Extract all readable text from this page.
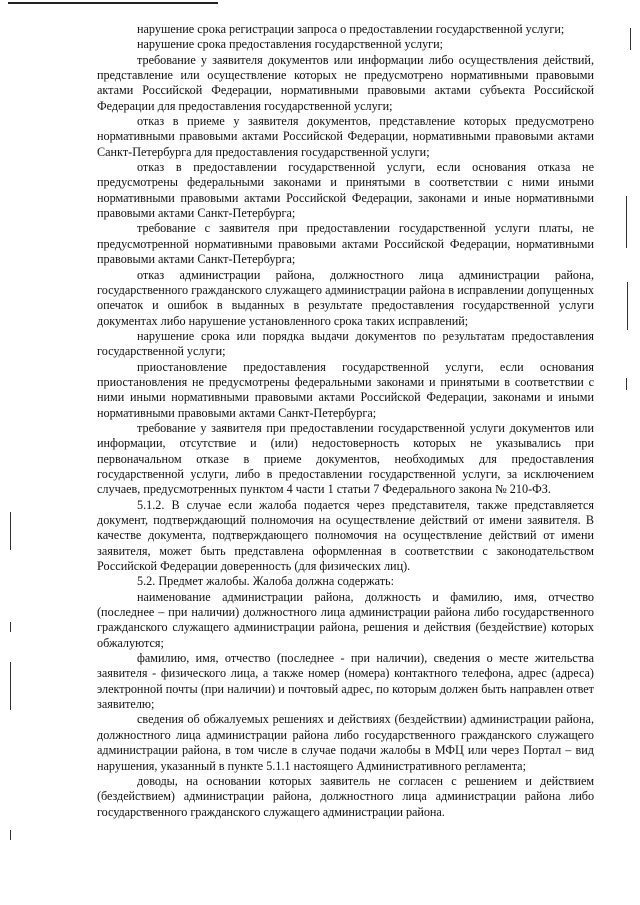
нарушение срока регистрации запроса о предоставлении государственной услуги;

нарушение срока предоставления государственной услуги;

требование у заявителя документов или информации либо осуществления действий, представление или осуществление которых не предусмотрено нормативными правовыми актами Российской Федерации, нормативными правовыми актами субъекта Российской Федерации для предоставления государственной услуги;

отказ в приеме у заявителя документов, представление которых предусмотрено нормативными правовыми актами Российской Федерации, нормативными правовыми актами Санкт-Петербурга для предоставления государственной услуги;

отказ в предоставлении государственной услуги, если основания отказа не предусмотрены федеральными законами и принятыми в соответствии с ними иными нормативными правовыми актами Российской Федерации, законами и иные нормативными правовыми актами Санкт-Петербурга;

требование с заявителя при предоставлении государственной услуги платы, не предусмотренной нормативными правовыми актами Российской Федерации, нормативными правовыми актами Санкт-Петербурга;

отказ администрации района, должностного лица администрации района, государственного гражданского служащего администрации района в исправлении допущенных опечаток и ошибок в выданных в результате предоставления государственной услуги документах либо нарушение установленного срока таких исправлений;

нарушение срока или порядка выдачи документов по результатам предоставления государственной услуги;

приостановление предоставления государственной услуги, если основания приостановления не предусмотрены федеральными законами и принятыми в соответствии с ними иными нормативными правовыми актами Российской Федерации, законами и иными нормативными правовыми актами Санкт-Петербурга;

требование у заявителя при предоставлении государственной услуги документов или информации, отсутствие и (или) недостоверность которых не указывались при первоначальном отказе в приеме документов, необходимых для предоставления государственной услуги, либо в предоставлении государственной услуги, за исключением случаев, предусмотренных пунктом 4 части 1 статьи 7 Федерального закона № 210-ФЗ.

5.1.2. В случае если жалоба подается через представителя, также представляется документ, подтверждающий полномочия на осуществление действий от имени заявителя. В качестве документа, подтверждающего полномочия на осуществление действий от имени заявителя, может быть представлена оформленная в соответствии с законодательством Российской Федерации доверенность (для физических лиц).

5.2. Предмет жалобы. Жалоба должна содержать:

наименование администрации района, должность и фамилию, имя, отчество (последнее – при наличии) должностного лица администрации района либо государственного гражданского служащего администрации района, решения и действия (бездействие) которых обжалуются;

фамилию, имя, отчество (последнее - при наличии), сведения о месте жительства заявителя - физического лица, а также номер (номера) контактного телефона, адрес (адреса) электронной почты (при наличии) и почтовый адрес, по которым должен быть направлен ответ заявителю;

сведения об обжалуемых решениях и действиях (бездействии) администрации района, должностного лица администрации района либо государственного гражданского служащего администрации района, в том числе в случае подачи жалобы в МФЦ или через Портал – вид нарушения, указанный в пункте 5.1.1 настоящего Административного регламента;

доводы, на основании которых заявитель не согласен с решением и действием (бездействием) администрации района, должностного лица администрации района либо государственного гражданского служащего администрации района.
